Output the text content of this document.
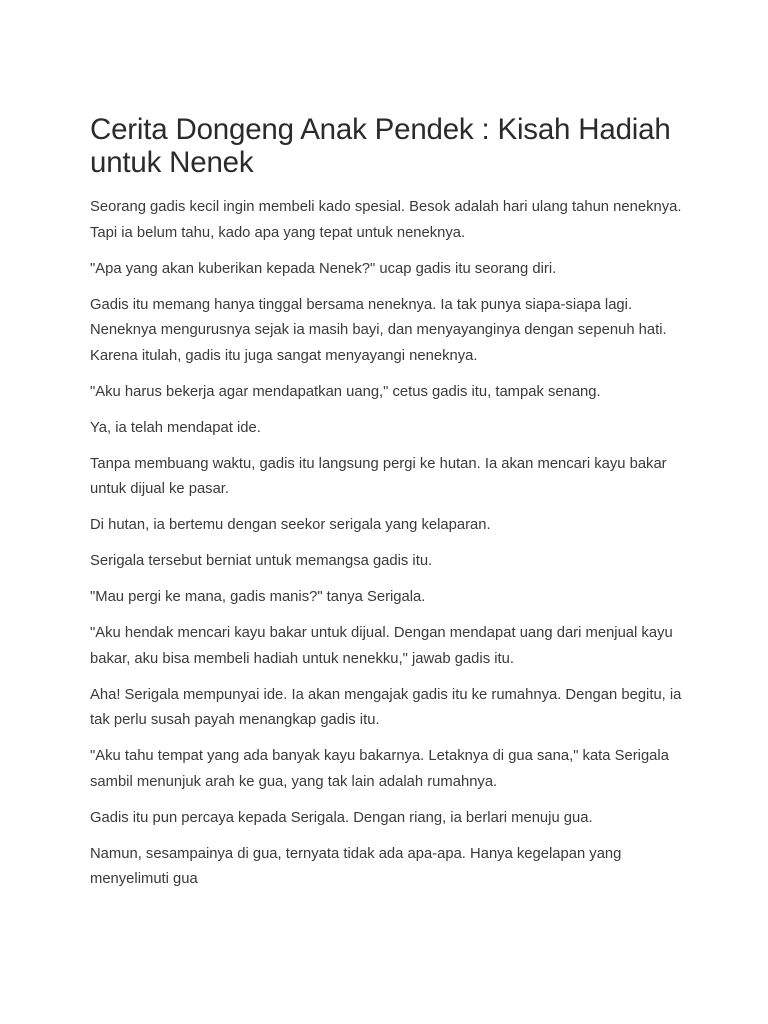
Cerita Dongeng Anak Pendek : Kisah Hadiah untuk Nenek

Seorang gadis kecil ingin membeli kado spesial. Besok adalah hari ulang tahun neneknya. Tapi ia belum tahu, kado apa yang tepat untuk neneknya.

"Apa yang akan kuberikan kepada Nenek?" ucap gadis itu seorang diri.

Gadis itu memang hanya tinggal bersama neneknya. Ia tak punya siapa-siapa lagi. Neneknya mengurusnya sejak ia masih bayi, dan menyayanginya dengan sepenuh hati. Karena itulah, gadis itu juga sangat menyayangi neneknya.

"Aku harus bekerja agar mendapatkan uang," cetus gadis itu, tampak senang.

Ya, ia telah mendapat ide.

Tanpa membuang waktu, gadis itu langsung pergi ke hutan. Ia akan mencari kayu bakar untuk dijual ke pasar.

Di hutan, ia bertemu dengan seekor serigala yang kelaparan.

Serigala tersebut berniat untuk memangsa gadis itu.

"Mau pergi ke mana, gadis manis?" tanya Serigala.

"Aku hendak mencari kayu bakar untuk dijual. Dengan mendapat uang dari menjual kayu bakar, aku bisa membeli hadiah untuk nenekku," jawab gadis itu.

Aha! Serigala mempunyai ide. Ia akan mengajak gadis itu ke rumahnya. Dengan begitu, ia tak perlu susah payah menangkap gadis itu.

"Aku tahu tempat yang ada banyak kayu bakarnya. Letaknya di gua sana," kata Serigala sambil menunjuk arah ke gua, yang tak lain adalah rumahnya.

Gadis itu pun percaya kepada Serigala. Dengan riang, ia berlari menuju gua.

Namun, sesampainya di gua, ternyata tidak ada apa-apa. Hanya kegelapan yang menyelimuti gua
